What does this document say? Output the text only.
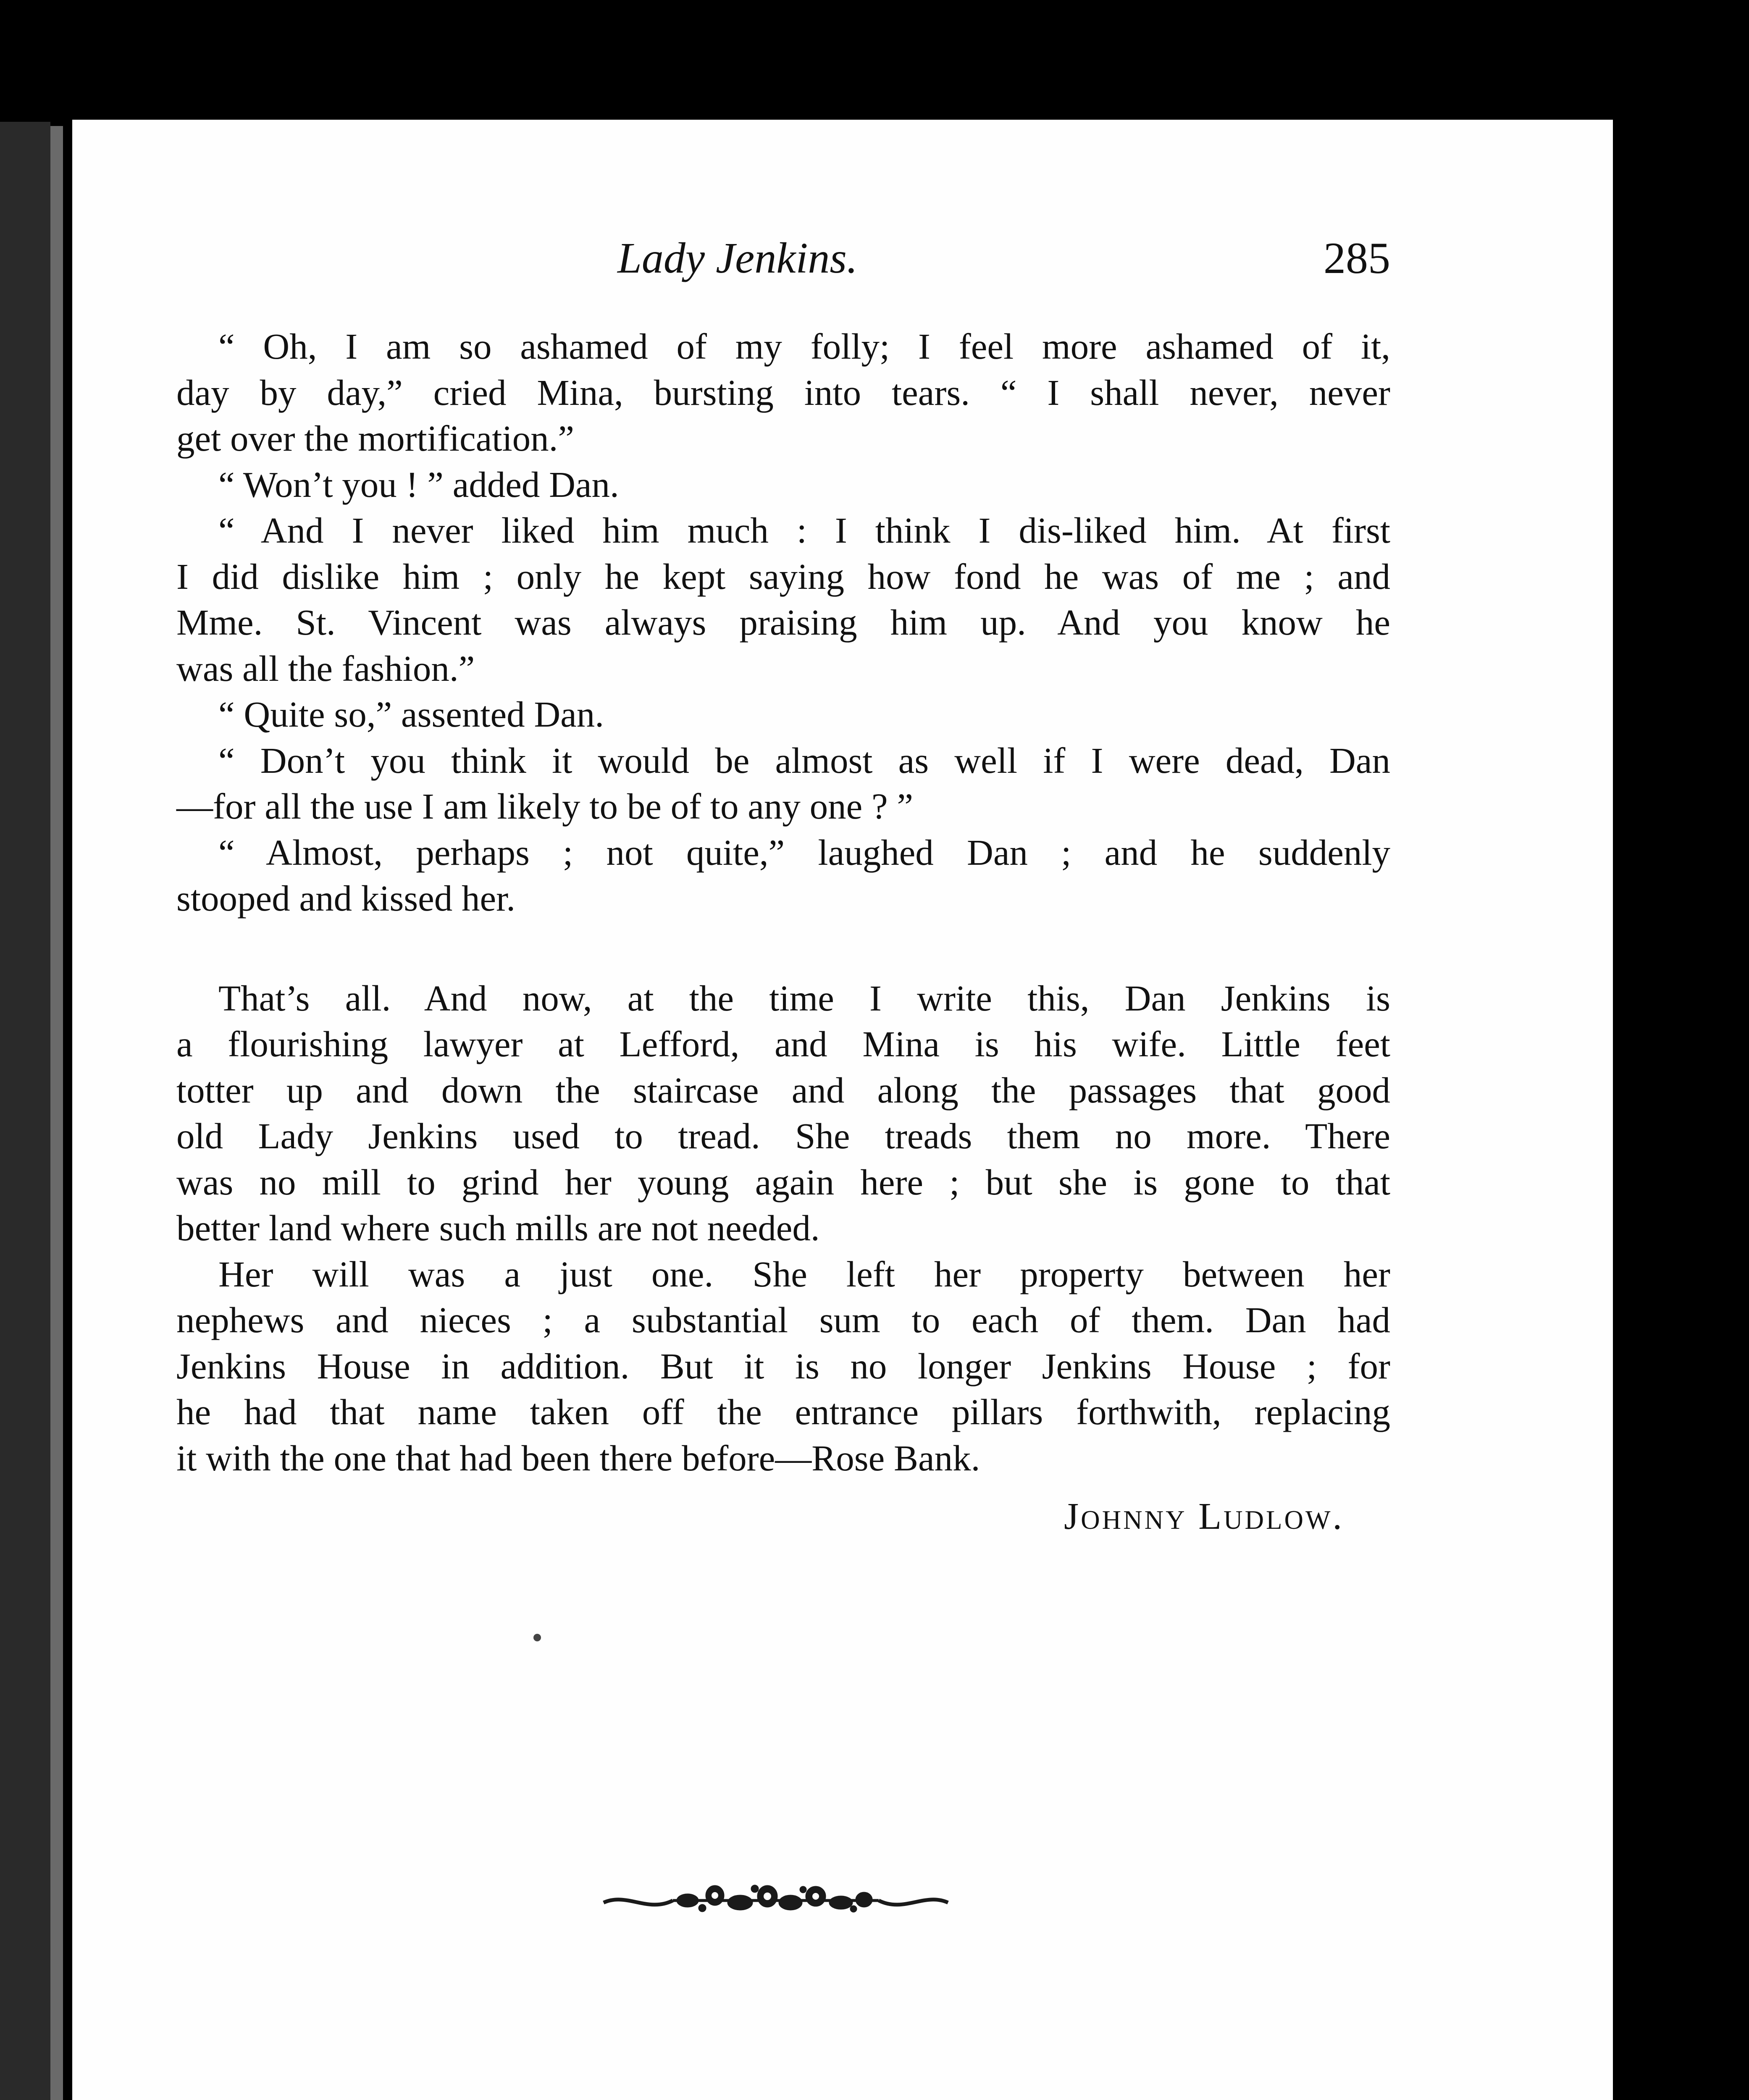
Lady Jenkins.	285
“ Oh, I am so ashamed of my folly; I feel more ashamed of it,
day by day,” cried Mina, bursting into tears. “ I shall never, never
get over the mortification.”
“ Won’t you ! ” added Dan.
“ And I never liked him much : I think I dis-liked him. At first
I did dislike him ; only he kept saying how fond he was of me ; and
Mme. St. Vincent was always praising him up. And you know he
was all the fashion.”
“ Quite so,” assented Dan.
“ Don’t you think it would be almost as well if I were dead, Dan
—for all the use I am likely to be of to any one ? ”
“ Almost, perhaps ; not quite,” laughed Dan ; and he suddenly
stooped and kissed her.
That’s all. And now, at the time I write this, Dan Jenkins is
a flourishing lawyer at Lefford, and Mina is his wife. Little feet
totter up and down the staircase and along the passages that good
old Lady Jenkins used to tread. She treads them no more. There
was no mill to grind her young again here ; but she is gone to that
better land where such mills are not needed.
Her will was a just one. She left her property between her
nephews and nieces ; a substantial sum to each of them. Dan had
Jenkins House in addition. But it is no longer Jenkins House ; for
he had that name taken off the entrance pillars forthwith, replacing
it with the one that had been there before—Rose Bank.
Johnny Ludlow.
